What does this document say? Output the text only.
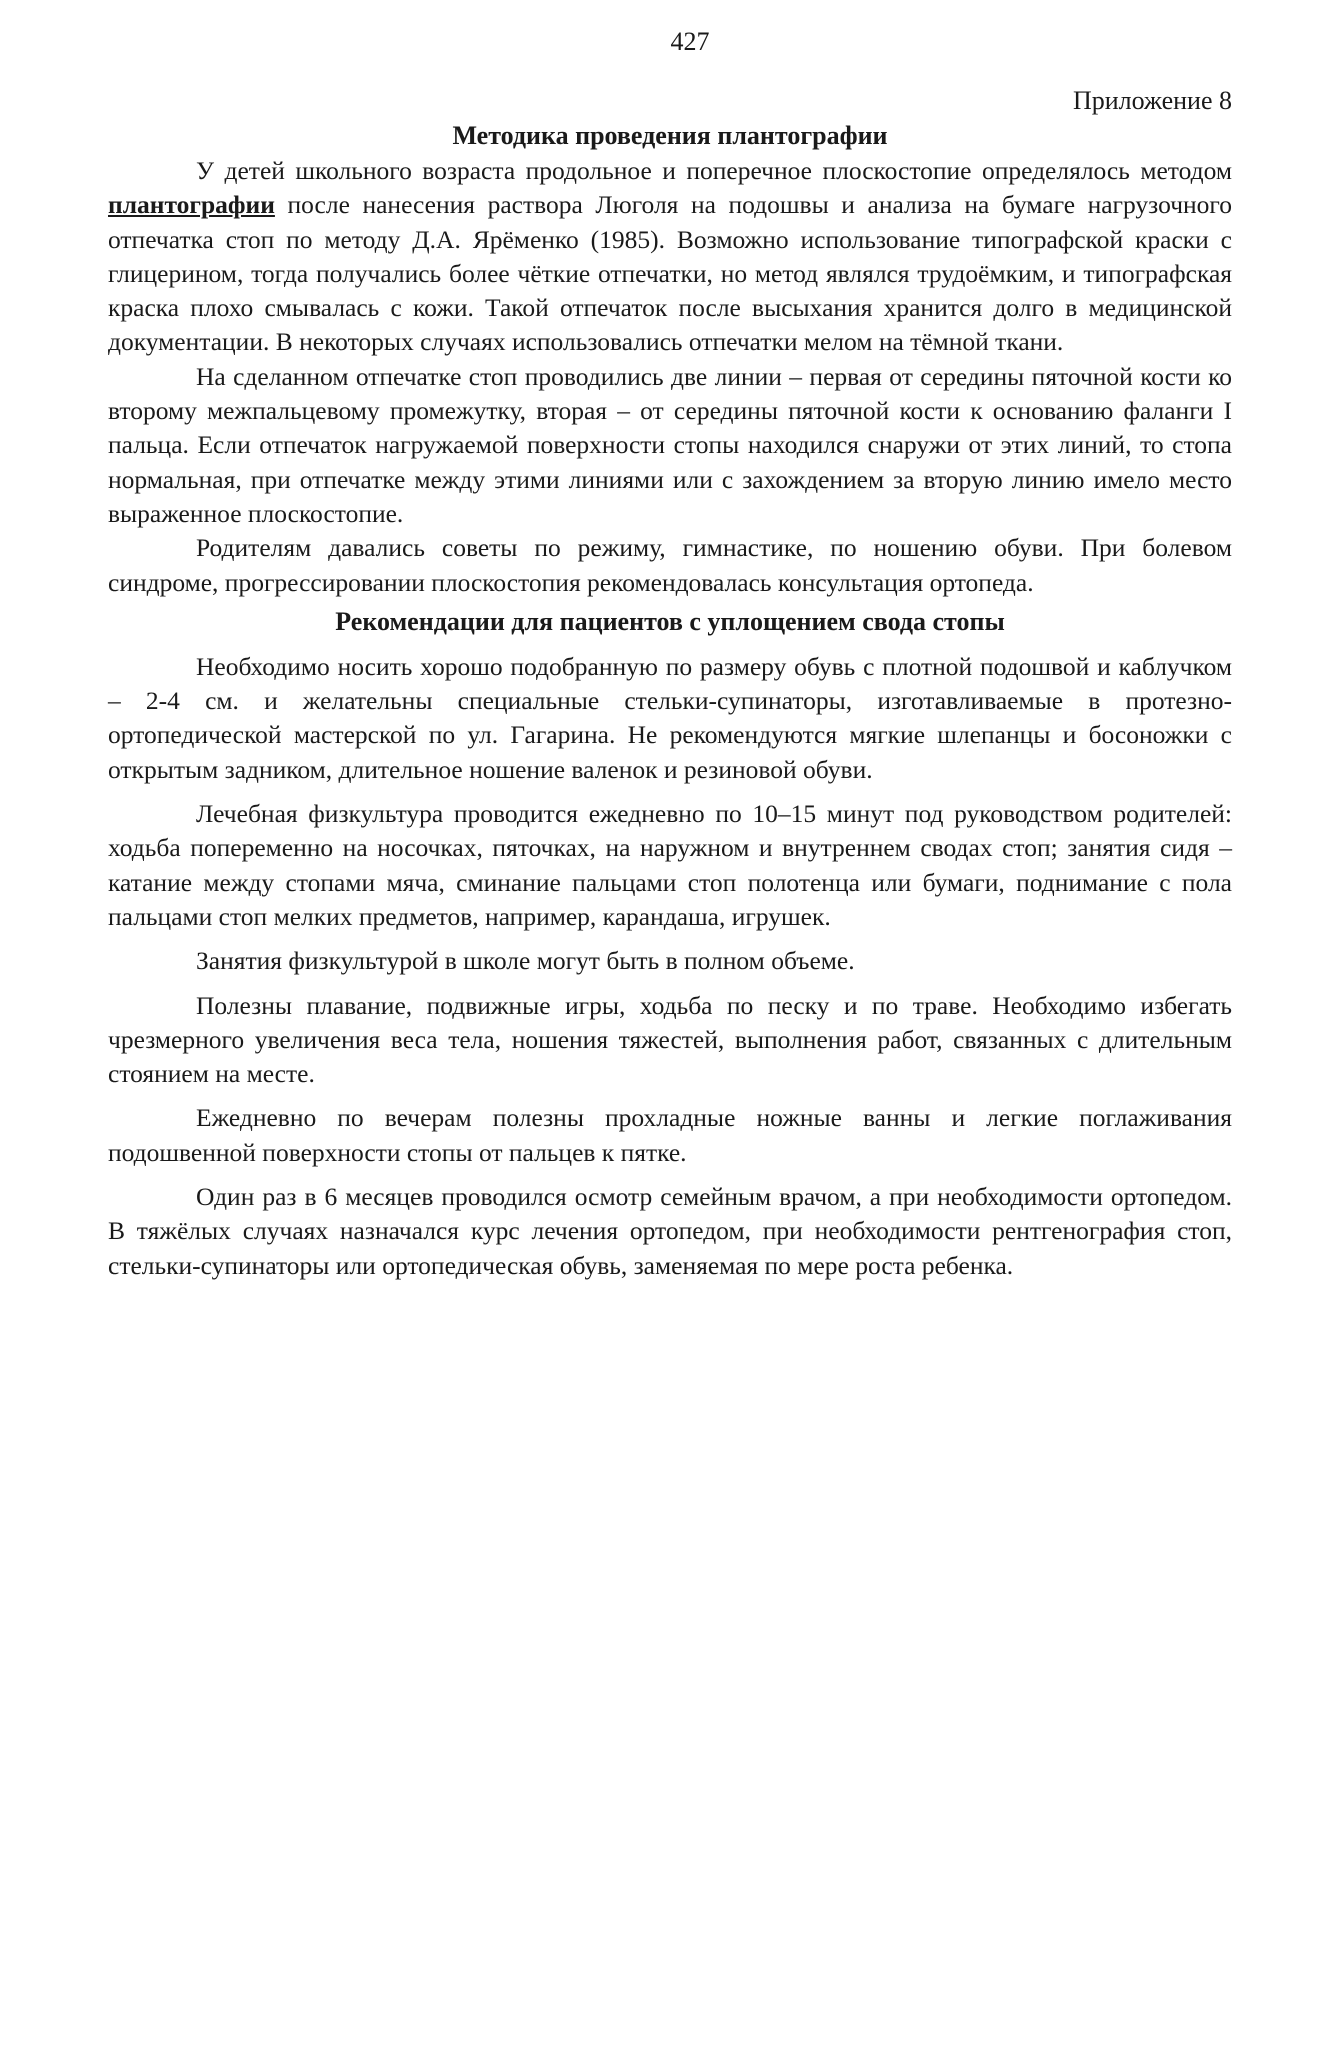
427
Приложение 8
Методика проведения плантографии

У детей школьного возраста продольное и поперечное плоскостопие определялось методом плантографии после нанесения раствора Люголя на подошвы и анализа на бумаге нагрузочного отпечатка стоп по методу Д.А. Ярёменко (1985). Возможно использование типографской краски с глицерином, тогда получались более чёткие отпечатки, но метод являлся трудоёмким, и типографская краска плохо смывалась с кожи. Такой отпечаток после высыхания хранится долго в медицинской документации. В некоторых случаях использовались отпечатки мелом на тёмной ткани.

На сделанном отпечатке стоп проводились две линии – первая от середины пяточной кости ко второму межпальцевому промежутку, вторая – от середины пяточной кости к основанию фаланги I пальца. Если отпечаток нагружаемой поверхности стопы находился снаружи от этих линий, то стопа нормальная, при отпечатке между этими линиями или с захождением за вторую линию имело место выраженное плоскостопие.

Родителям давались советы по режиму, гимнастике, по ношению обуви. При болевом синдроме, прогрессировании плоскостопия рекомендовалась консультация ортопеда.

Рекомендации для пациентов с уплощением свода стопы

Необходимо носить хорошо подобранную по размеру обувь с плотной подошвой и каблучком – 2-4 см. и желательны специальные стельки-супинаторы, изготавливаемые в протезно-ортопедической мастерской по ул. Гагарина. Не рекомендуются мягкие шлепанцы и босоножки с открытым задником, длительное ношение валенок и резиновой обуви.

Лечебная физкультура проводится ежедневно по 10–15 минут под руководством родителей: ходьба попеременно на носочках, пяточках, на наружном и внутреннем сводах стоп; занятия сидя – катание между стопами мяча, сминание пальцами стоп полотенца или бумаги, поднимание с пола пальцами стоп мелких предметов, например, карандаша, игрушек.

Занятия физкультурой в школе могут быть в полном объеме.

Полезны плавание, подвижные игры, ходьба по песку и по траве. Необходимо избегать чрезмерного увеличения веса тела, ношения тяжестей, выполнения работ, связанных с длительным стоянием на месте.

Ежедневно по вечерам полезны прохладные ножные ванны и легкие поглаживания подошвенной поверхности стопы от пальцев к пятке.

Один раз в 6 месяцев проводился осмотр семейным врачом, а при необходимости ортопедом. В тяжёлых случаях назначался курс лечения ортопедом, при необходимости рентгенография стоп, стельки-супинаторы или ортопедическая обувь, заменяемая по мере роста ребенка.
